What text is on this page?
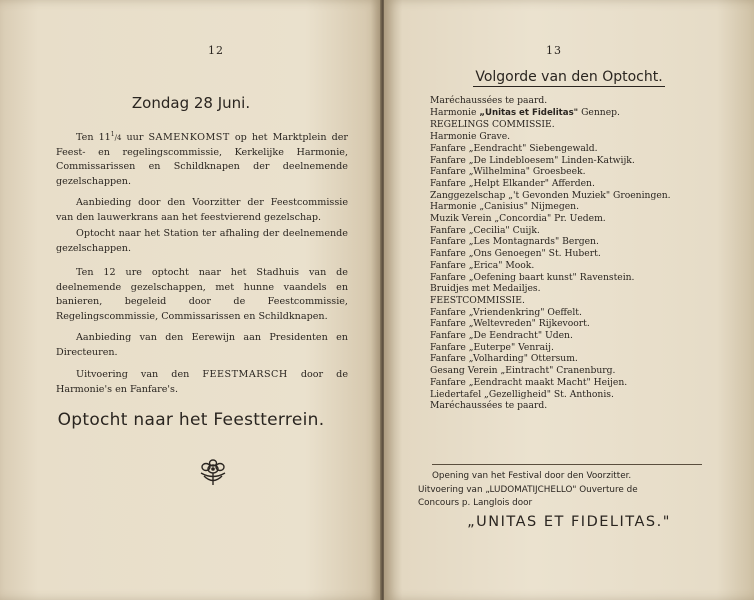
12
Zondag 28 Juni.
Ten $11^1/4$ uur SAMENKOMST op het Marktplein der Feest- en regelingscommissie, Kerkelijke Harmonie, Commissarissen en Schildknapen der deelnemende gezelschappen.
Aanbieding door den Voorzitter der Feestcommissie van den lauwerkrans aan het feestvierend gezelschap.
Optocht naar het Station ter afhaling der deelnemende gezelschappen.
Ten 12 ure optocht naar het Stadhuis van de deelnemende gezelschappen, met hunne vaandels en banieren, begeleid door de Feestcommissie, Regelingscommissie, Commissarissen en Schildknapen.
Aanbieding van den Eerewijn aan Presidenten en Directeuren.
Uitvoering van den FEESTMARSCH door de Harmonie's en Fanfare's.
Optocht naar het Feestterrein.
13
Volgorde van den Optocht.
Maréchaussées te paard.
Harmonie „Unitas et Fidelitas" Gennep.
REGELINGS COMMISSIE.
Harmonie Grave.
Fanfare „Eendracht" Siebengewald.
Fanfare „De Lindebloesem" Linden-Katwijk.
Fanfare „Wilhelmina" Groesbeek.
Fanfare „Helpt Elkander" Afferden.
Zanggezelschap „'t Gevonden Muziek" Groeningen.
Harmonie „Canisius" Nijmegen.
Muzik Verein „Concordia" Pr. Uedem.
Fanfare „Cecilia" Cuijk.
Fanfare „Les Montagnards" Bergen.
Fanfare „Ons Genoegen" St. Hubert.
Fanfare „Erica" Mook.
Fanfare „Oefening baart kunst" Ravenstein.
Bruidjes met Medailjes.
FEESTCOMMISSIE.
Fanfare „Vriendenkring" Oeffelt.
Fanfare „Weltevreden" Rijkevoort.
Fanfare „De Eendracht" Uden.
Fanfare „Euterpe" Venraij.
Fanfare „Volharding" Ottersum.
Gesang Verein „Eintracht" Cranenburg.
Fanfare „Eendracht maakt Macht" Heijen.
Liedertafel „Gezelligheid" St. Anthonis.
Maréchaussées te paard.
Opening van het Festival door den Voorzitter.
Uitvoering van „LUDOMATIJCHELLO" Ouverture de
Concours p. Langlois door
„UNITAS ET FIDELITAS."
